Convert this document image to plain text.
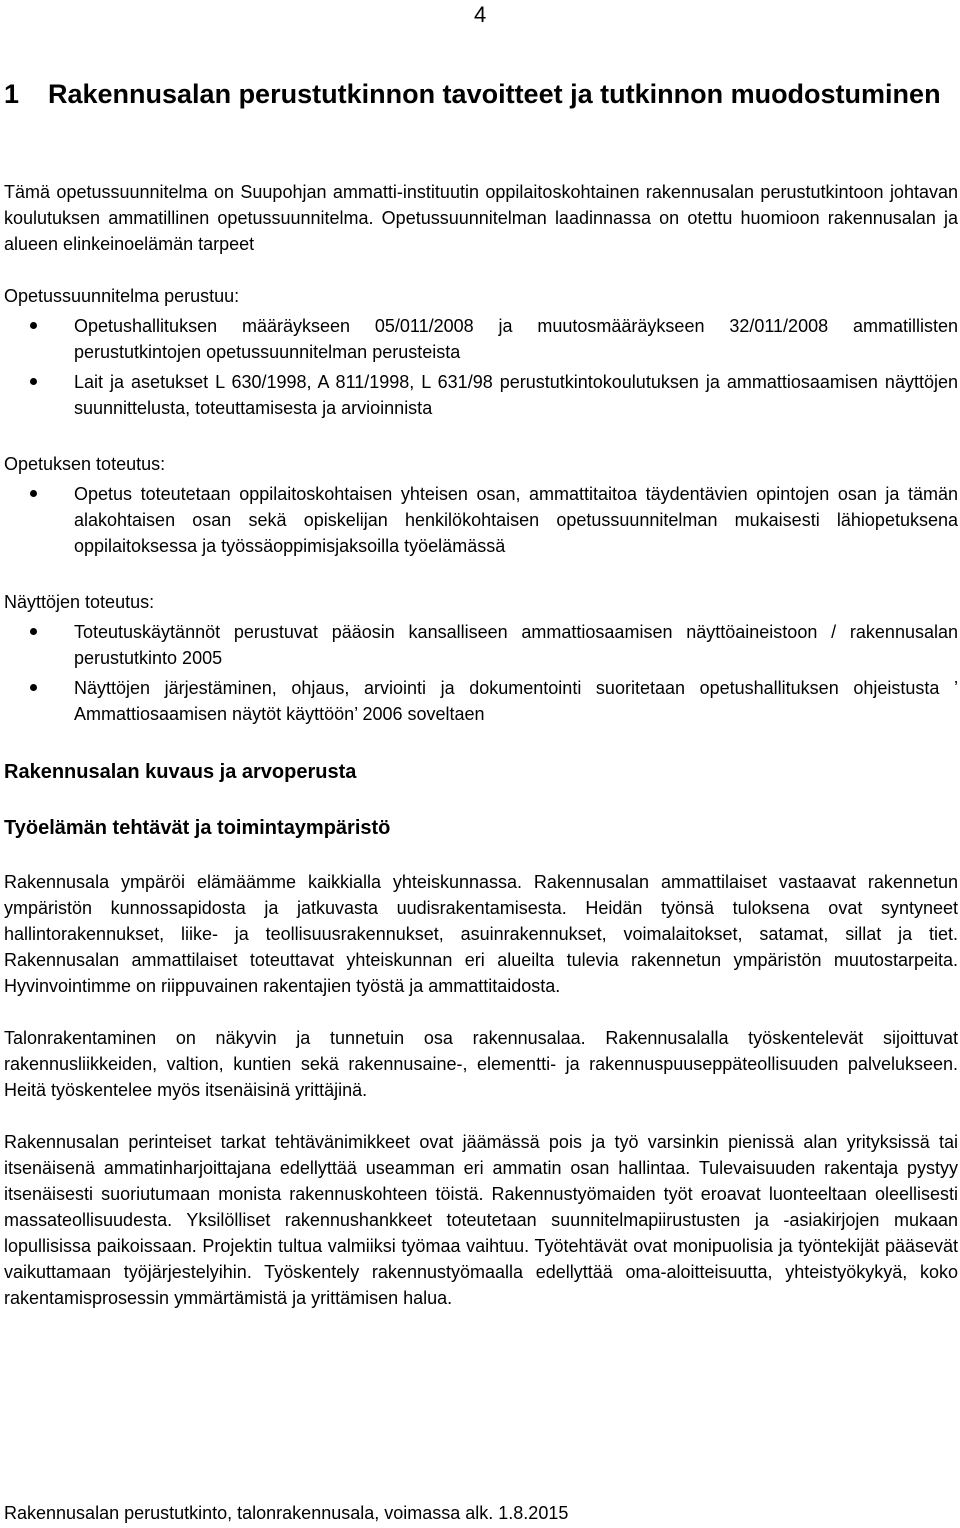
4
1 Rakennusalan perustutkinnon tavoitteet ja tutkinnon muodostuminen

Tämä opetussuunnitelma on Suupohjan ammatti-instituutin oppilaitoskohtainen rakennusalan perustutkintoon johtavan koulutuksen ammatillinen opetussuunnitelma. Opetussuunnitelman laadinnassa on otettu huomioon rakennusalan ja alueen elinkeinoelämän tarpeet

Opetussuunnitelma perustuu:
Opetushallituksen määräykseen 05/011/2008 ja muutosmääräykseen 32/011/2008 ammatillisten perustutkintojen opetussuunnitelman perusteista
Lait ja asetukset L 630/1998, A 811/1998, L 631/98 perustutkintokoulutuksen ja ammattiosaamisen näyttöjen suunnittelusta, toteuttamisesta ja arvioinnista
Opetuksen toteutus:
Opetus toteutetaan oppilaitoskohtaisen yhteisen osan, ammattitaitoa täydentävien opintojen osan ja tämän alakohtaisen osan sekä opiskelijan henkilökohtaisen opetussuunnitelman mukaisesti lähiopetuksena oppilaitoksessa ja työssäoppimisjaksoilla työelämässä
Näyttöjen toteutus:
Toteutuskäytännöt perustuvat pääosin kansalliseen ammattiosaamisen näyttöaineistoon / rakennusalan perustutkinto 2005
Näyttöjen järjestäminen, ohjaus, arviointi ja dokumentointi suoritetaan opetushallituksen ohjeistusta ’ Ammattiosaamisen näytöt käyttöön’ 2006 soveltaen
Rakennusalan kuvaus ja arvoperusta
Työelämän tehtävät ja toimintaympäristö

Rakennusala ympäröi elämäämme kaikkialla yhteiskunnassa. Rakennusalan ammattilaiset vastaavat rakennetun ympäristön kunnossapidosta ja jatkuvasta uudisrakentamisesta. Heidän työnsä tuloksena ovat syntyneet hallintorakennukset, liike- ja teollisuusrakennukset, asuinrakennukset, voimalaitokset, satamat, sillat ja tiet. Rakennusalan ammattilaiset toteuttavat yhteiskunnan eri alueilta tulevia rakennetun ympäristön muutostarpeita. Hyvinvointimme on riippuvainen rakentajien työstä ja ammattitaidosta.

Talonrakentaminen on näkyvin ja tunnetuin osa rakennusalaa. Rakennusalalla työskentelevät sijoittuvat rakennusliikkeiden, valtion, kuntien sekä rakennusaine-, elementti- ja rakennuspuuseppäteollisuuden palvelukseen. Heitä työskentelee myös itsenäisinä yrittäjinä.

Rakennusalan perinteiset tarkat tehtävänimikkeet ovat jäämässä pois ja työ varsinkin pienissä alan yrityksissä tai itsenäisenä ammatinharjoittajana edellyttää useamman eri ammatin osan hallintaa. Tulevaisuuden rakentaja pystyy itsenäisesti suoriutumaan monista rakennuskohteen töistä. Rakennustyömaiden työt eroavat luonteeltaan oleellisesti massateollisuudesta. Yksilölliset rakennushankkeet toteutetaan suunnitelmapiirustusten ja -asiakirjojen mukaan lopullisissa paikoissaan. Projektin tultua valmiiksi työmaa vaihtuu. Työtehtävät ovat monipuolisia ja työntekijät pääsevät vaikuttamaan työjärjestelyihin. Työskentely rakennustyömaalla edellyttää oma-aloitteisuutta, yhteistyökykyä, koko rakentamisprosessin ymmärtämistä ja yrittämisen halua.

Rakennusalan perustutkinto, talonrakennusala, voimassa alk. 1.8.2015
